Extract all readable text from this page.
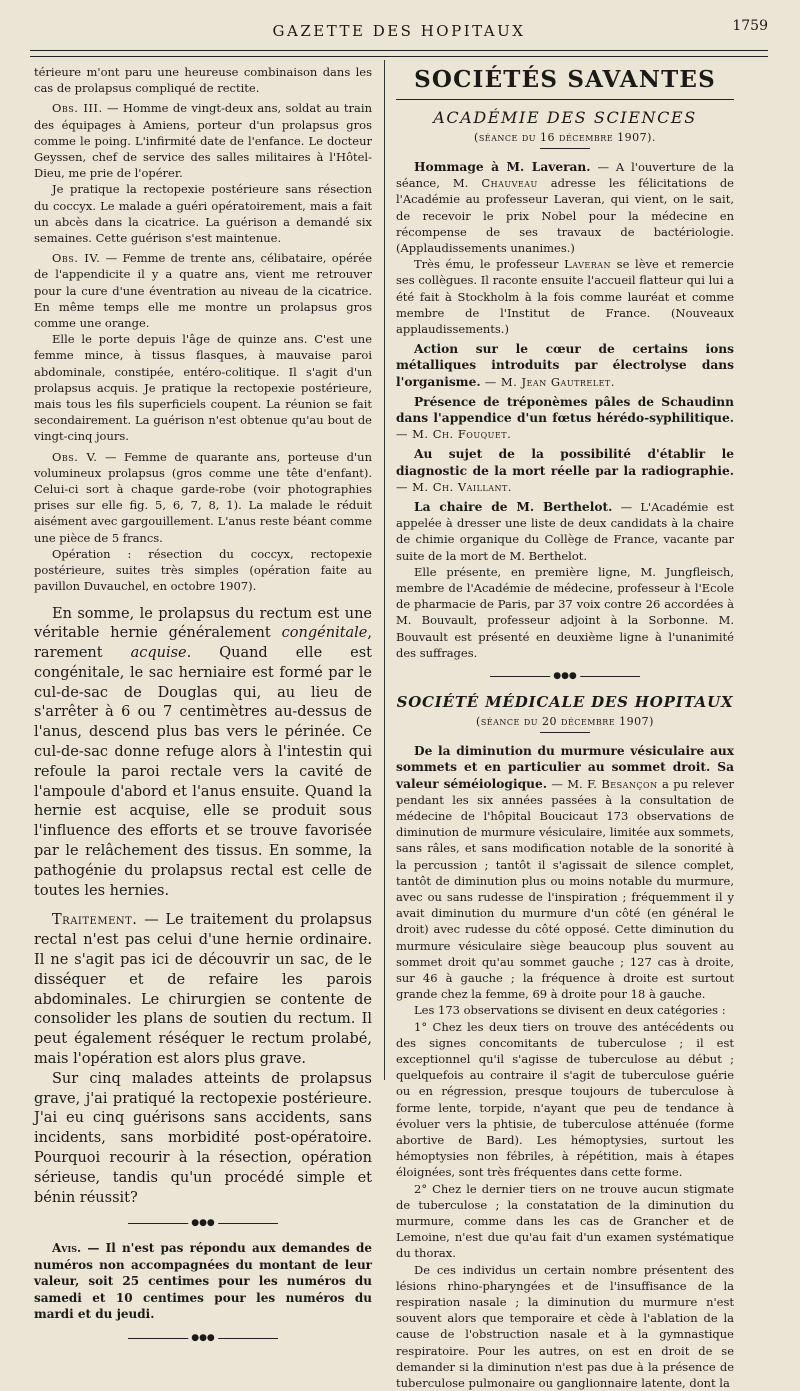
GAZETTE DES HOPITAUX	1759

térieure m'ont paru une heureuse combinaison dans les cas de prolapsus compliqué de rectite.

Obs. III. — Homme de vingt-deux ans, soldat au train des équipages à Amiens, porteur d'un prolapsus gros comme le poing. L'infirmité date de l'enfance. Le docteur Geyssen, chef de service des salles militaires à l'Hôtel-Dieu, me prie de l'opérer.

Je pratique la rectopexie postérieure sans résection du coccyx. Le malade a guéri opératoirement, mais a fait un abcès dans la cicatrice. La guérison a demandé six semaines. Cette guérison s'est maintenue.

Obs. IV. — Femme de trente ans, célibataire, opérée de l'appendicite il y a quatre ans, vient me retrouver pour la cure d'une éventration au niveau de la cicatrice. En même temps elle me montre un prolapsus gros comme une orange.

Elle le porte depuis l'âge de quinze ans. C'est une femme mince, à tissus flasques, à mauvaise paroi abdominale, constipée, entéro-colitique. Il s'agit d'un prolapsus acquis. Je pratique la rectopexie postérieure, mais tous les fils superficiels coupent. La réunion se fait secondairement. La guérison n'est obtenue qu'au bout de vingt-cinq jours.

Obs. V. — Femme de quarante ans, porteuse d'un volumineux prolapsus (gros comme une tête d'enfant). Celui-ci sort à chaque garde-robe (voir photographies prises sur elle fig. 5, 6, 7, 8, 1). La malade le réduit aisément avec gargouillement. L'anus reste béant comme une pièce de 5 francs.

Opération : résection du coccyx, rectopexie postérieure, suites très simples (opération faite au pavillon Duvauchel, en octobre 1907).

En somme, le prolapsus du rectum est une véritable hernie généralement congénitale, rarement acquise. Quand elle est congénitale, le sac herniaire est formé par le cul-de-sac de Douglas qui, au lieu de s'arrêter à 6 ou 7 centimètres au-dessus de l'anus, descend plus bas vers le périnée. Ce cul-de-sac donne refuge alors à l'intestin qui refoule la paroi rectale vers la cavité de l'ampoule d'abord et l'anus ensuite. Quand la hernie est acquise, elle se produit sous l'influence des efforts et se trouve favorisée par le relâchement des tissus. En somme, la pathogénie du prolapsus rectal est celle de toutes les hernies.

Traitement. — Le traitement du prolapsus rectal n'est pas celui d'une hernie ordinaire. Il ne s'agit pas ici de découvrir un sac, de le disséquer et de refaire les parois abdominales. Le chirurgien se contente de consolider les plans de soutien du rectum. Il peut également réséquer le rectum prolabé, mais l'opération est alors plus grave.

Sur cinq malades atteints de prolapsus grave, j'ai pratiqué la rectopexie postérieure. J'ai eu cinq guérisons sans accidents, sans incidents, sans morbidité post-opératoire. Pourquoi recourir à la résection, opération sérieuse, tandis qu'un procédé simple et bénin réussit?

●●●

Avis. — Il n'est pas répondu aux demandes de numéros non accompagnées du montant de leur valeur, soit 25 centimes pour les numéros du samedi et 10 centimes pour les numéros du mardi et du jeudi.

●●●
SOCIÉTÉS SAVANTES
ACADÉMIE DES SCIENCES
(séance du 16 décembre 1907).

Hommage à M. Laveran. — A l'ouverture de la séance, M. Chauveau adresse les félicitations de l'Académie au professeur Laveran, qui vient, on le sait, de recevoir le prix Nobel pour la médecine en récompense de ses travaux de bactériologie. (Applaudissements unanimes.)

Très ému, le professeur Laveran se lève et remercie ses collègues. Il raconte ensuite l'accueil flatteur qui lui a été fait à Stockholm à la fois comme lauréat et comme membre de l'Institut de France. (Nouveaux applaudissements.)

Action sur le cœur de certains ions métalliques introduits par électrolyse dans l'organisme. — M. Jean Gautrelet.

Présence de tréponèmes pâles de Schaudinn dans l'appendice d'un fœtus hérédo-syphilitique.— M. Ch. Fouquet.

Au sujet de la possibilité d'établir le diagnostic de la mort réelle par la radiographie. — M. Ch. Vaillant.

La chaire de M. Berthelot. — L'Académie est appelée à dresser une liste de deux candidats à la chaire de chimie organique du Collège de France, vacante par suite de la mort de M. Berthelot.

Elle présente, en première ligne, M. Jungfleisch, membre de l'Académie de médecine, professeur à l'Ecole de pharmacie de Paris, par 37 voix contre 26 accordées à M. Bouvault, professeur adjoint à la Sorbonne. M. Bouvault est présenté en deuxième ligne à l'unanimité des suffrages.

●●●
SOCIÉTÉ MÉDICALE DES HOPITAUX
(séance du 20 décembre 1907)

De la diminution du murmure vésiculaire aux sommets et en particulier au sommet droit. Sa valeur séméiologique. — M. F. Besançon a pu relever pendant les six années passées à la consultation de médecine de l'hôpital Boucicaut 173 observations de diminution de murmure vésiculaire, limitée aux sommets, sans râles, et sans modification notable de la sonorité à la percussion ; tantôt il s'agissait de silence complet, tantôt de diminution plus ou moins notable du murmure, avec ou sans rudesse de l'inspiration ; fréquemment il y avait diminution du murmure d'un côté (en général le droit) avec rudesse du côté opposé. Cette diminution du murmure vésiculaire siège beaucoup plus souvent au sommet droit qu'au sommet gauche ; 127 cas à droite, sur 46 à gauche ; la fréquence à droite est surtout grande chez la femme, 69 à droite pour 18 à gauche.

Les 173 observations se divisent en deux catégories :

1° Chez les deux tiers on trouve des antécédents ou des signes concomitants de tuberculose ; il est exceptionnel qu'il s'agisse de tuberculose au début ; quelquefois au contraire il s'agit de tuberculose guérie ou en régression, presque toujours de tuberculose à forme lente, torpide, n'ayant que peu de tendance à évoluer vers la phtisie, de tuberculose atténuée (forme abortive de Bard). Les hémoptysies, surtout les hémoptysies non fébriles, à répétition, mais à étapes éloignées, sont très fréquentes dans cette forme.

2° Chez le dernier tiers on ne trouve aucun stigmate de tuberculose ; la constatation de la diminution du murmure, comme dans les cas de Grancher et de Lemoine, n'est due qu'au fait d'un examen systématique du thorax.

De ces individus un certain nombre présentent des lésions rhino-pharyngées et de l'insuffisance de la respiration nasale ; la diminution du murmure n'est souvent alors que temporaire et cède à l'ablation de la cause de l'obstruction nasale et à la gymnastique respiratoire. Pour les autres, on est en droit de se demander si la diminution n'est pas due à la présence de tuberculose pulmonaire ou ganglionnaire latente, dont la
